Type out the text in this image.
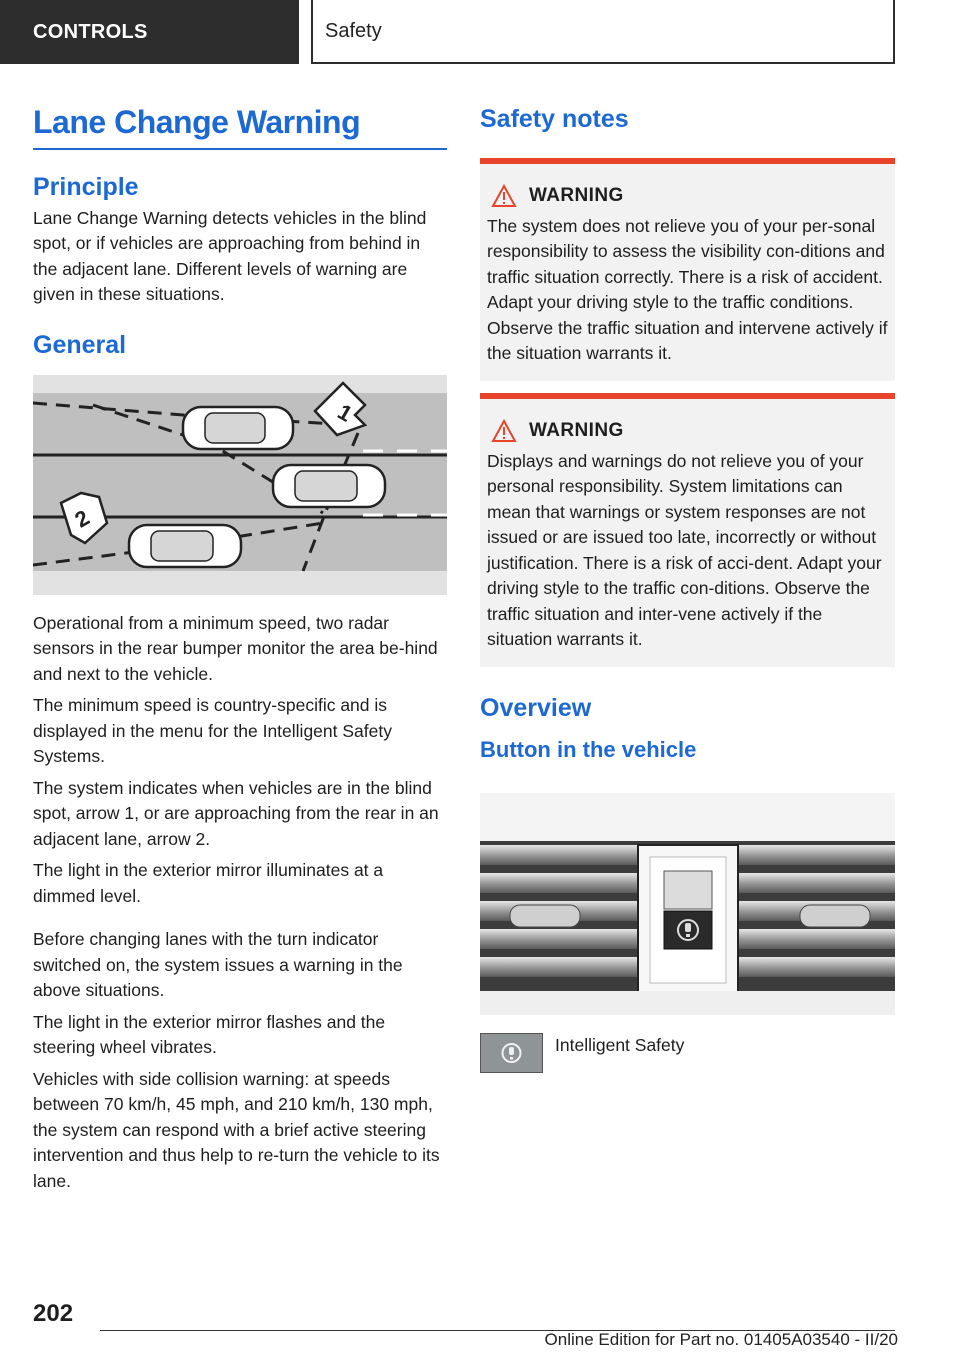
CONTROLS	Safety
Lane Change Warning
Principle

Lane Change Warning detects vehicles in the blind spot, or if vehicles are approaching from behind in the adjacent lane. Different levels of warning are given in these situations.

General
1
2

Operational from a minimum speed, two radar sensors in the rear bumper monitor the area be‐hind and next to the vehicle.

The minimum speed is country-specific and is displayed in the menu for the Intelligent Safety Systems.

The system indicates when vehicles are in the blind spot, arrow 1, or are approaching from the rear in an adjacent lane, arrow 2.

The light in the exterior mirror illuminates at a dimmed level.

Before changing lanes with the turn indicator switched on, the system issues a warning in the above situations.

The light in the exterior mirror flashes and the steering wheel vibrates.

Vehicles with side collision warning: at speeds between 70 km/h, 45 mph, and 210 km/h, 130 mph, the system can respond with a brief active steering intervention and thus help to re‐turn the vehicle to its lane.

Safety notes
WARNING

The system does not relieve you of your per‐sonal responsibility to assess the visibility con‐ditions and traffic situation correctly. There is a risk of accident. Adapt your driving style to the traffic conditions. Observe the traffic situation and intervene actively if the situation warrants it.

WARNING

Displays and warnings do not relieve you of your personal responsibility. System limitations can mean that warnings or system responses are not issued or are issued too late, incorrectly or without justification. There is a risk of acci‐dent. Adapt your driving style to the traffic con‐ditions. Observe the traffic situation and inter‐vene actively if the situation warrants it.

Overview
Button in the vehicle
Intelligent Safety
202
Online Edition for Part no. 01405A03540 - II/20
